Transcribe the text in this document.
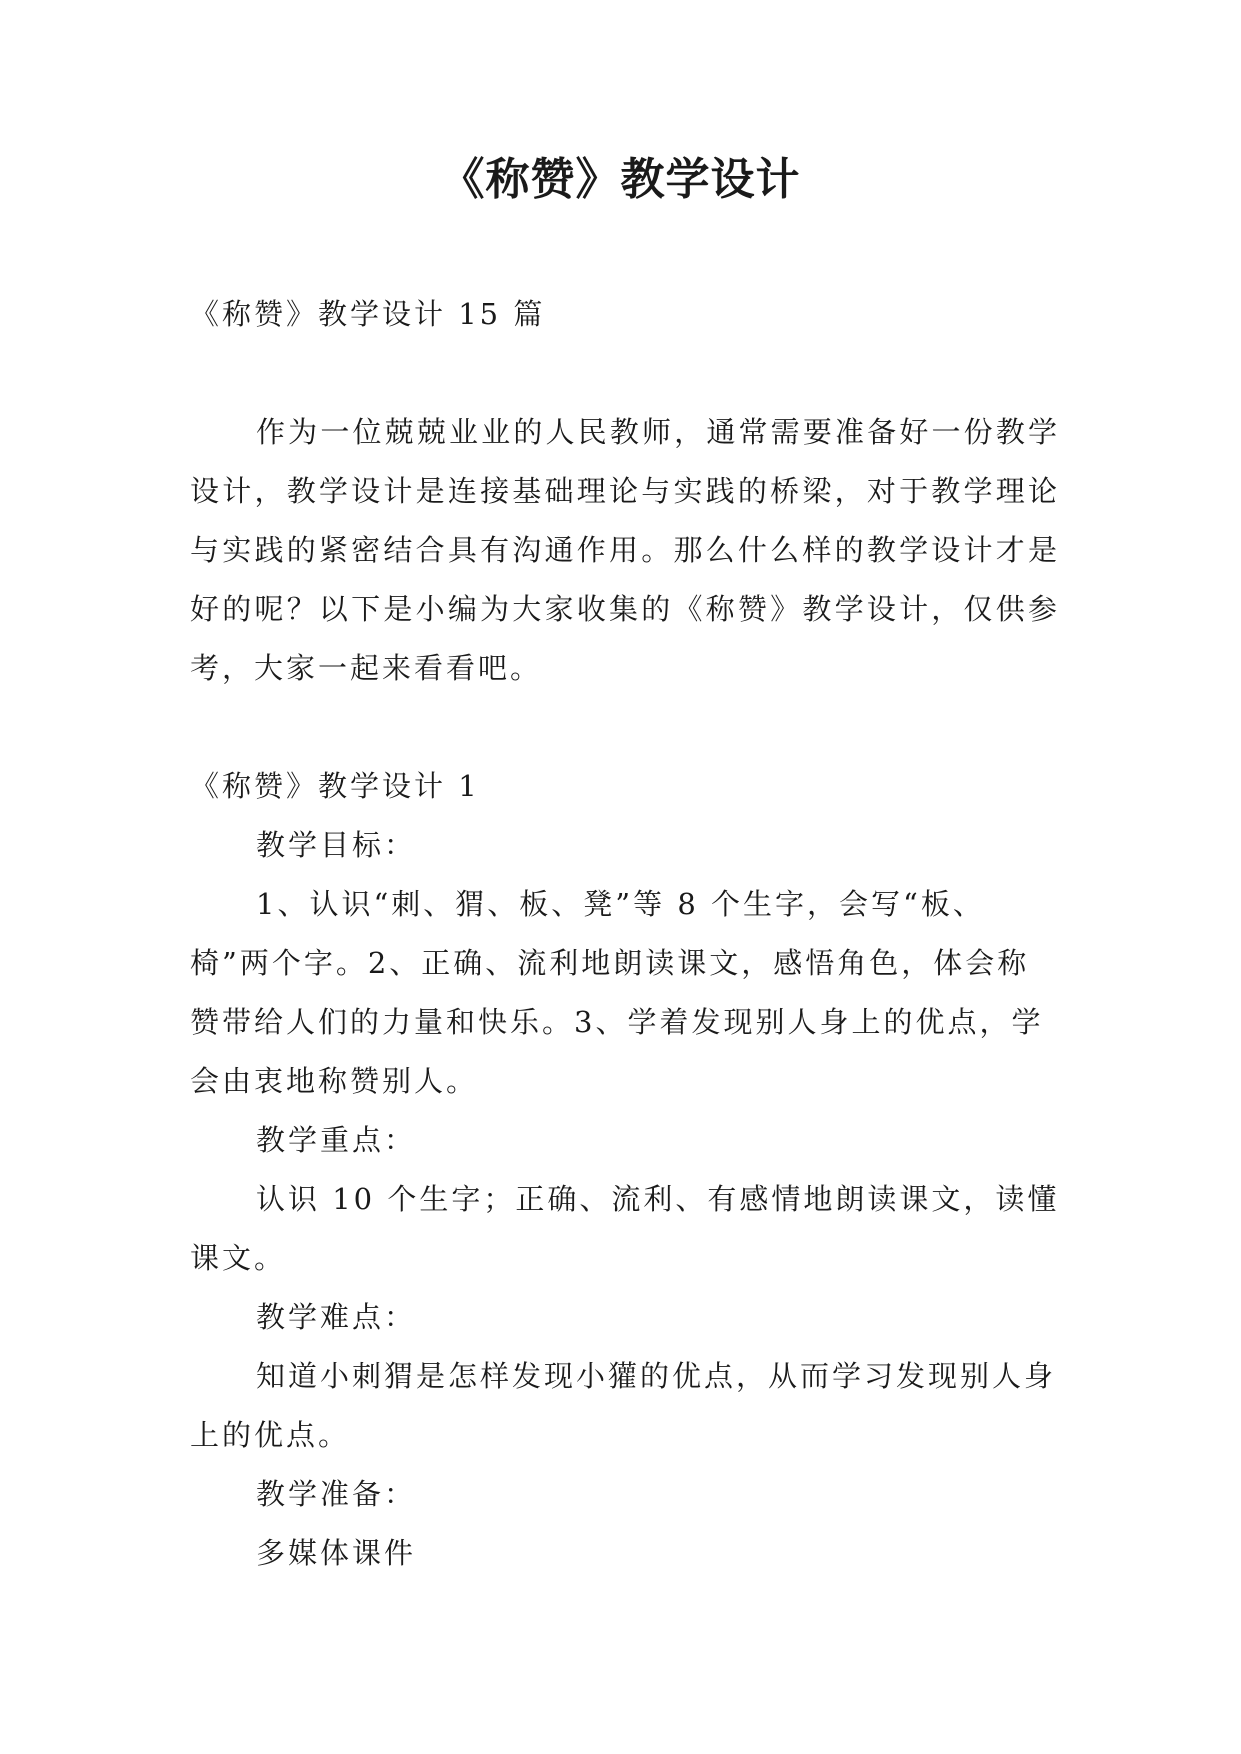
《称赞》教学设计

《称赞》教学设计 15 篇

作为一位兢兢业业的人民教师，通常需要准备好一份教学设计，教学设计是连接基础理论与实践的桥梁，对于教学理论与实践的紧密结合具有沟通作用。那么什么样的教学设计才是好的呢？以下是小编为大家收集的《称赞》教学设计，仅供参考，大家一起来看看吧。

《称赞》教学设计 1

教学目标：

1、认识“刺、猬、板、凳”等 8 个生字，会写“板、椅”两个字。2、正确、流利地朗读课文，感悟角色，体会称赞带给人们的力量和快乐。3、学着发现别人身上的优点，学会由衷地称赞别人。

教学重点：

认识 10 个生字；正确、流利、有感情地朗读课文，读懂课文。

教学难点：

知道小刺猬是怎样发现小獾的优点，从而学习发现别人身上的优点。

教学准备：

多媒体课件
